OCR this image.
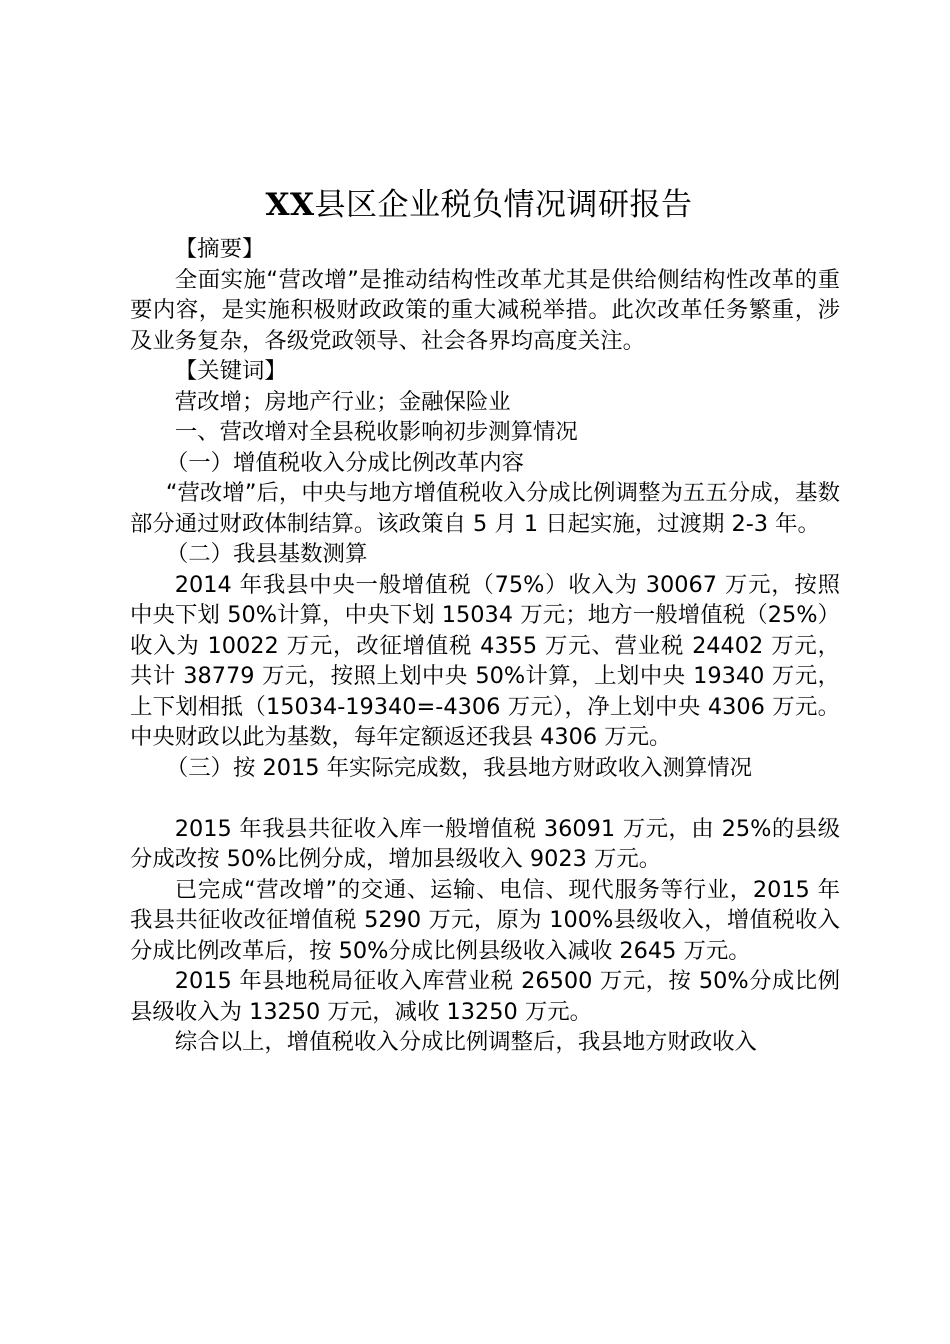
XX县区企业税负情况调研报告

【摘要】

全面实施“营改增”是推动结构性改革尤其是供给侧结构性改革的重要内容，是实施积极财政政策的重大减税举措。此次改革任务繁重，涉及业务复杂，各级党政领导、社会各界均高度关注。

【关键词】

营改增；房地产行业；金融保险业

一、营改增对全县税收影响初步测算情况

（一）增值税收入分成比例改革内容

“营改增”后，中央与地方增值税收入分成比例调整为五五分成，基数部分通过财政体制结算。该政策自 5 月 1 日起实施，过渡期 2-3 年。

（二）我县基数测算

2014 年我县中央一般增值税（75%）收入为 30067 万元，按照中央下划 50%计算，中央下划 15034 万元；地方一般增值税（25%）收入为 10022 万元，改征增值税 4355 万元、营业税 24402 万元，共计 38779 万元，按照上划中央 50%计算，上划中央 19340 万元，上下划相抵（15034-19340=-4306 万元），净上划中央 4306 万元。中央财政以此为基数，每年定额返还我县 4306 万元。

（三）按 2015 年实际完成数，我县地方财政收入测算情况

2015 年我县共征收入库一般增值税 36091 万元，由 25%的县级分成改按 50%比例分成，增加县级收入 9023 万元。

已完成“营改增”的交通、运输、电信、现代服务等行业，2015 年我县共征收改征增值税 5290 万元，原为 100%县级收入，增值税收入分成比例改革后，按 50%分成比例县级收入减收 2645 万元。

2015 年县地税局征收入库营业税 26500 万元，按 50%分成比例县级收入为 13250 万元，减收 13250 万元。

综合以上，增值税收入分成比例调整后，我县地方财政收入
